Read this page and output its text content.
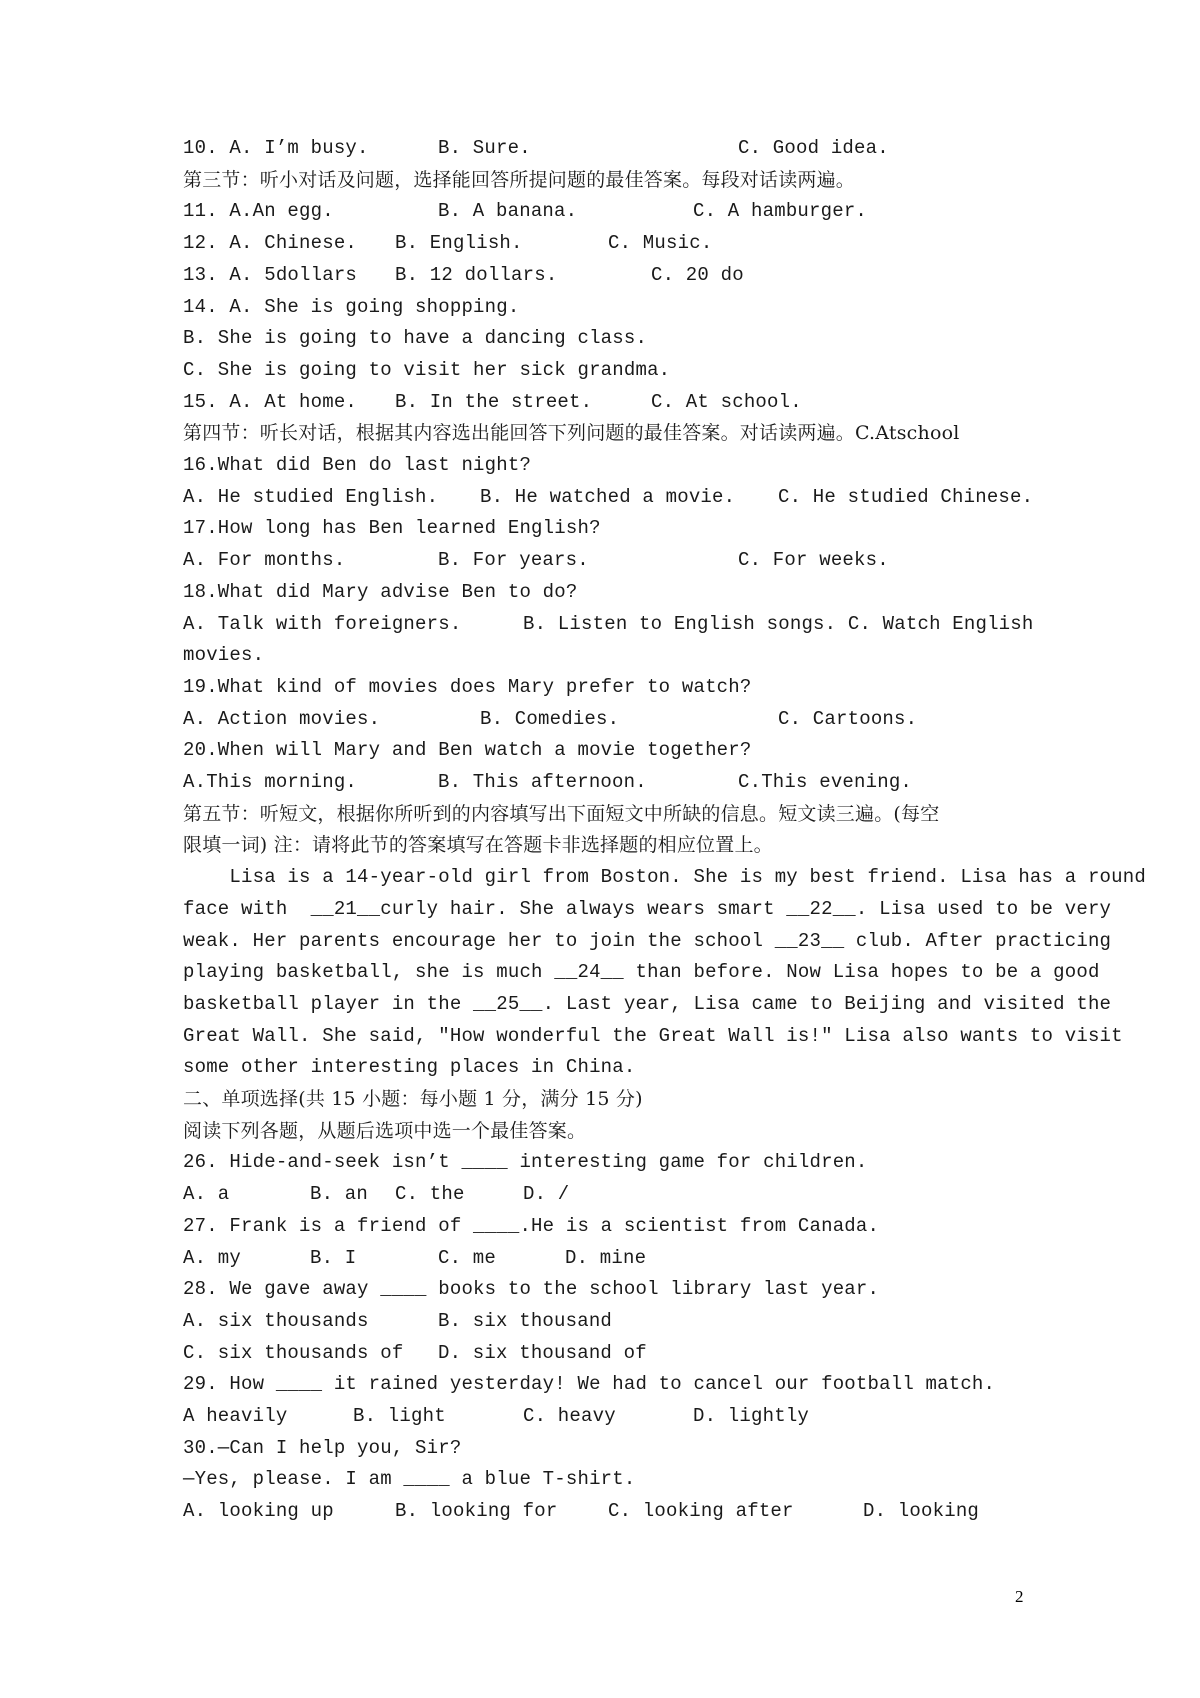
10. A. I’m busy.	B. Sure.	C. Good idea.
第三节：听小对话及问题，选择能回答所提问题的最佳答案。每段对话读两遍。
11. A.An egg.	B. A banana.	C. A hamburger.
12. A. Chinese. B. English.	C. Music.
13. A. 5dollars B. 12 dollars.	C. 20 do
14. A. She is going shopping.
B. She is going to have a dancing class.
C. She is going to visit her sick grandma.
15. A. At home. B. In the street.	C. At school.
第四节：听长对话，根据其内容选出能回答下列问题的最佳答案。对话读两遍。C.Atschool
16.What did Ben do last night?
A. He studied English. B. He watched a movie. C. He studied Chinese.
17.How long has Ben learned English?
A. For months.	B. For years.	C. For weeks.
18.What did Mary advise Ben to do?
A. Talk with foreigners.	B. Listen to English songs. C. Watch English
movies.
19.What kind of movies does Mary prefer to watch?
A. Action movies.	B. Comedies.	C. Cartoons.
20.When will Mary and Ben watch a movie together?
A.This morning.	B. This afternoon.	C.This evening.
第五节：听短文，根据你所听到的内容填写出下面短文中所缺的信息。短文读三遍。(每空
限填一词) 注：请将此节的答案填写在答题卡非选择题的相应位置上。
Lisa is a 14-year-old girl from Boston. She is my best friend. Lisa has a round
face with  __21__curly hair. She always wears smart __22__. Lisa used to be very
weak. Her parents encourage her to join the school __23__ club. After practicing
playing basketball, she is much __24__ than before. Now Lisa hopes to be a good
basketball player in the __25__. Last year, Lisa came to Beijing and visited the
Great Wall. She said, "How wonderful the Great Wall is!" Lisa also wants to visit
some other interesting places in China.
二、单项选择(共 15 小题：每小题 1 分，满分 15 分)
阅读下列各题，从题后选项中选一个最佳答案。
26. Hide-and-seek isn’t ____ interesting game for children.
A. a	B. an C. the	D. /
27. Frank is a friend of ____.He is a scientist from Canada.
A. my	B. I	C. me	D. mine
28. We gave away ____ books to the school library last year.
A. six thousands	B. six thousand
C. six thousands of D. six thousand of
29. How ____ it rained yesterday! We had to cancel our football match.
A heavily	B. light	C. heavy	D. lightly
30.—Can I help you, Sir?
—Yes, please. I am ____ a blue T-shirt.
A. looking up	B. looking for	C. looking after	D. looking
2
